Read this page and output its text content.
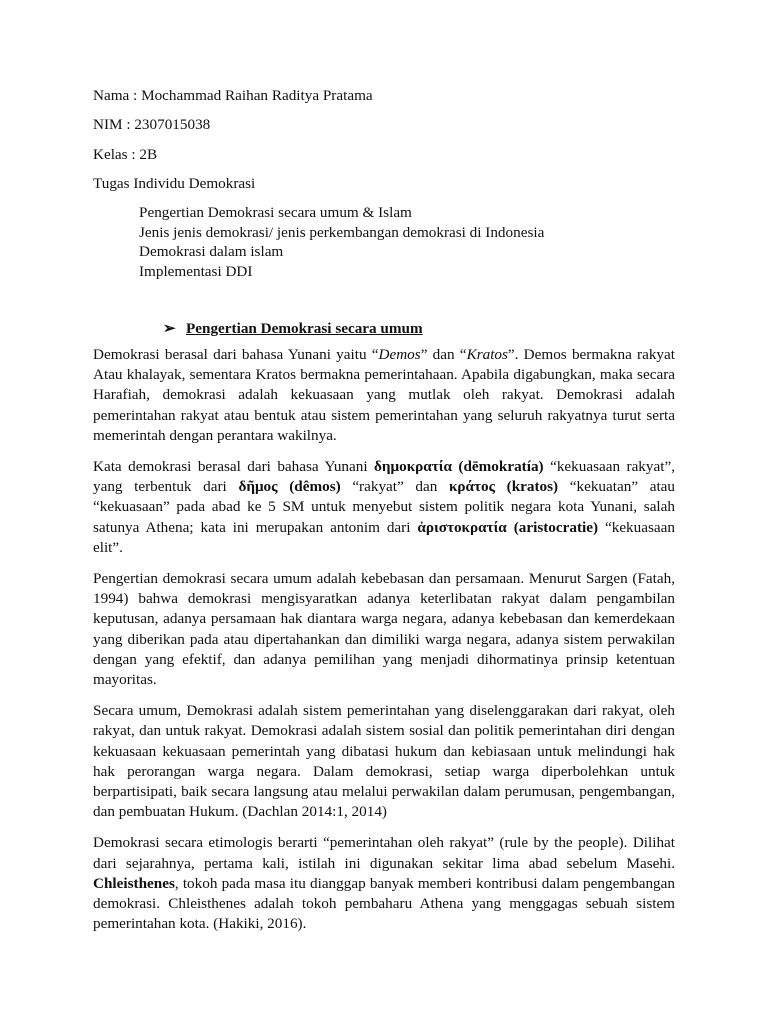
Nama : Mochammad Raihan Raditya Pratama

NIM : 2307015038

Kelas : 2B

Tugas Individu Demokrasi

Pengertian Demokrasi secara umum & Islam
Jenis jenis demokrasi/ jenis perkembangan demokrasi di Indonesia
Demokrasi dalam islam
Implementasi DDI

➢ Pengertian Demokrasi secara umum

Demokrasi berasal dari bahasa Yunani yaitu “Demos” dan “Kratos”. Demos bermakna rakyat Atau khalayak, sementara Kratos bermakna pemerintahaan. Apabila digabungkan, maka secara Harafiah, demokrasi adalah kekuasaan yang mutlak oleh rakyat. Demokrasi adalah pemerintahan rakyat atau bentuk atau sistem pemerintahan yang seluruh rakyatnya turut serta memerintah dengan perantara wakilnya.

Kata demokrasi berasal dari bahasa Yunani δημοκρατία (dēmokratía) “kekuasaan rakyat”, yang terbentuk dari δῆμος (dêmos) “rakyat” dan κράτος (kratos) “kekuatan” atau “kekuasaan” pada abad ke 5 SM untuk menyebut sistem politik negara kota Yunani, salah satunya Athena; kata ini merupakan antonim dari ἀριστοκρατία (aristocratie) “kekuasaan elit”.

Pengertian demokrasi secara umum adalah kebebasan dan persamaan. Menurut Sargen (Fatah, 1994) bahwa demokrasi mengisyaratkan adanya keterlibatan rakyat dalam pengambilan keputusan, adanya persamaan hak diantara warga negara, adanya kebebasan dan kemerdekaan yang diberikan pada atau dipertahankan dan dimiliki warga negara, adanya sistem perwakilan dengan yang efektif, dan adanya pemilihan yang menjadi dihormatinya prinsip ketentuan mayoritas.

Secara umum, Demokrasi adalah sistem pemerintahan yang diselenggarakan dari rakyat, oleh rakyat, dan untuk rakyat. Demokrasi adalah sistem sosial dan politik pemerintahan diri dengan kekuasaan kekuasaan pemerintah yang dibatasi hukum dan kebiasaan untuk melindungi hak hak perorangan warga negara. Dalam demokrasi, setiap warga diperbolehkan untuk berpartisipati, baik secara langsung atau melalui perwakilan dalam perumusan, pengembangan, dan pembuatan Hukum. (Dachlan 2014:1, 2014)

Demokrasi secara etimologis berarti “pemerintahan oleh rakyat” (rule by the people). Dilihat dari sejarahnya, pertama kali, istilah ini digunakan sekitar lima abad sebelum Masehi. Chleisthenes, tokoh pada masa itu dianggap banyak memberi kontribusi dalam pengembangan demokrasi. Chleisthenes adalah tokoh pembaharu Athena yang menggagas sebuah sistem pemerintahan kota. (Hakiki, 2016).
